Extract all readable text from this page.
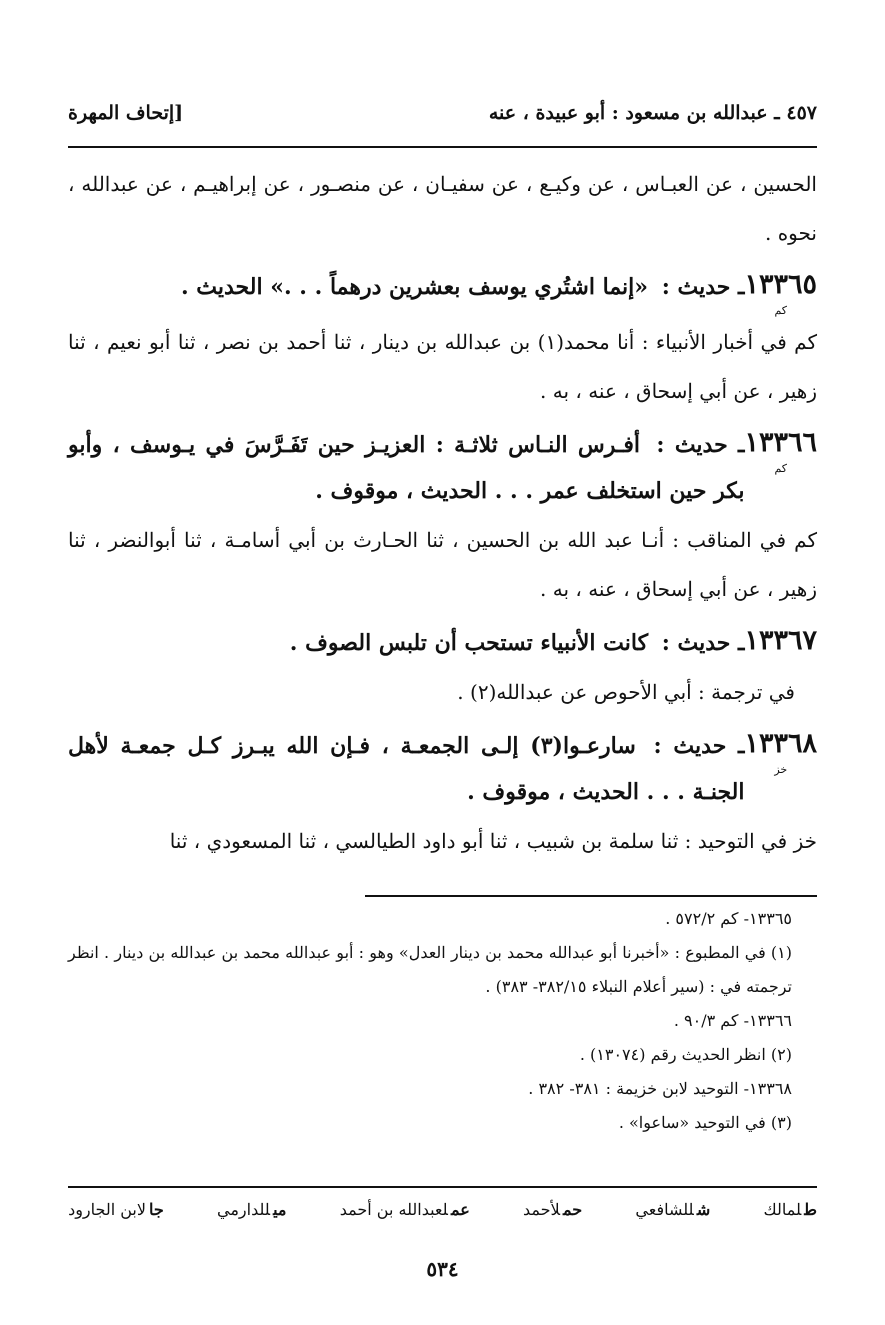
٤٥٧ ـ عبدالله بن مسعود : أبو عبيدة ، عنه
[إتحاف المهرة

الحسين ، عن العبـاس ، عن وكيـع ، عن سفيـان ، عن منصـور ، عن إبراهيـم ، عن عبدالله ، نحوه .

١٣٣٦٥
كم
ـ حديث : «إنما اشتُري يوسف بعشرين درهماً . . .» الحديث .

كم في أخبار الأنبياء : أنا محمد(١) بن عبدالله بن دينار ، ثنا أحمد بن نصر ، ثنا أبو نعيم ، ثنا زهير ، عن أبي إسحاق ، عنه ، به .

١٣٣٦٦
كم
ـ حديث : أفـرس النـاس ثلاثـة : العزيـز حين تَفَـرَّسَ في يـوسف ، وأبو بكر حين استخلف عمر . . . الحديث ، موقوف .

كم في المناقب : أنـا عبد الله بن الحسين ، ثنا الحـارث بن أبي أسامـة ، ثنا أبوالنضر ، ثنا زهير ، عن أبي إسحاق ، عنه ، به .

١٣٣٦٧
ـ حديث : كانت الأنبياء تستحب أن تلبس الصوف .

في ترجمة : أبي الأحوص عن عبدالله(٢) .

١٣٣٦٨
خز
ـ حديث : سارعـوا(٣) إلـى الجمعـة ، فـإن الله يبـرز كـل جمعـة لأهل الجنـة . . . الحديث ، موقوف .

خز في التوحيد : ثنا سلمة بن شبيب ، ثنا أبو داود الطيالسي ، ثنا المسعودي ، ثنا

١٣٣٦٥- كم ٥٧٢/٢ .

(١) في المطبوع : «أخبرنا أبو عبدالله محمد بن دينار العدل» وهو : أبو عبدالله محمد بن عبدالله بن دينار . انظر ترجمته في : (سير أعلام النبلاء ٣٨٢/١٥- ٣٨٣) .

١٣٣٦٦- كم ٩٠/٣ .

(٢) انظر الحديث رقم (١٣٠٧٤) .

١٣٣٦٨- التوحيد لابن خزيمة : ٣٨١- ٣٨٢ .

(٣) في التوحيد «ساعوا» .

طلمالك
شللشافعي
حملأحمد
عملعبدالله بن أحمد
ميللدارمي
جالابن الجارود
٥٣٤
